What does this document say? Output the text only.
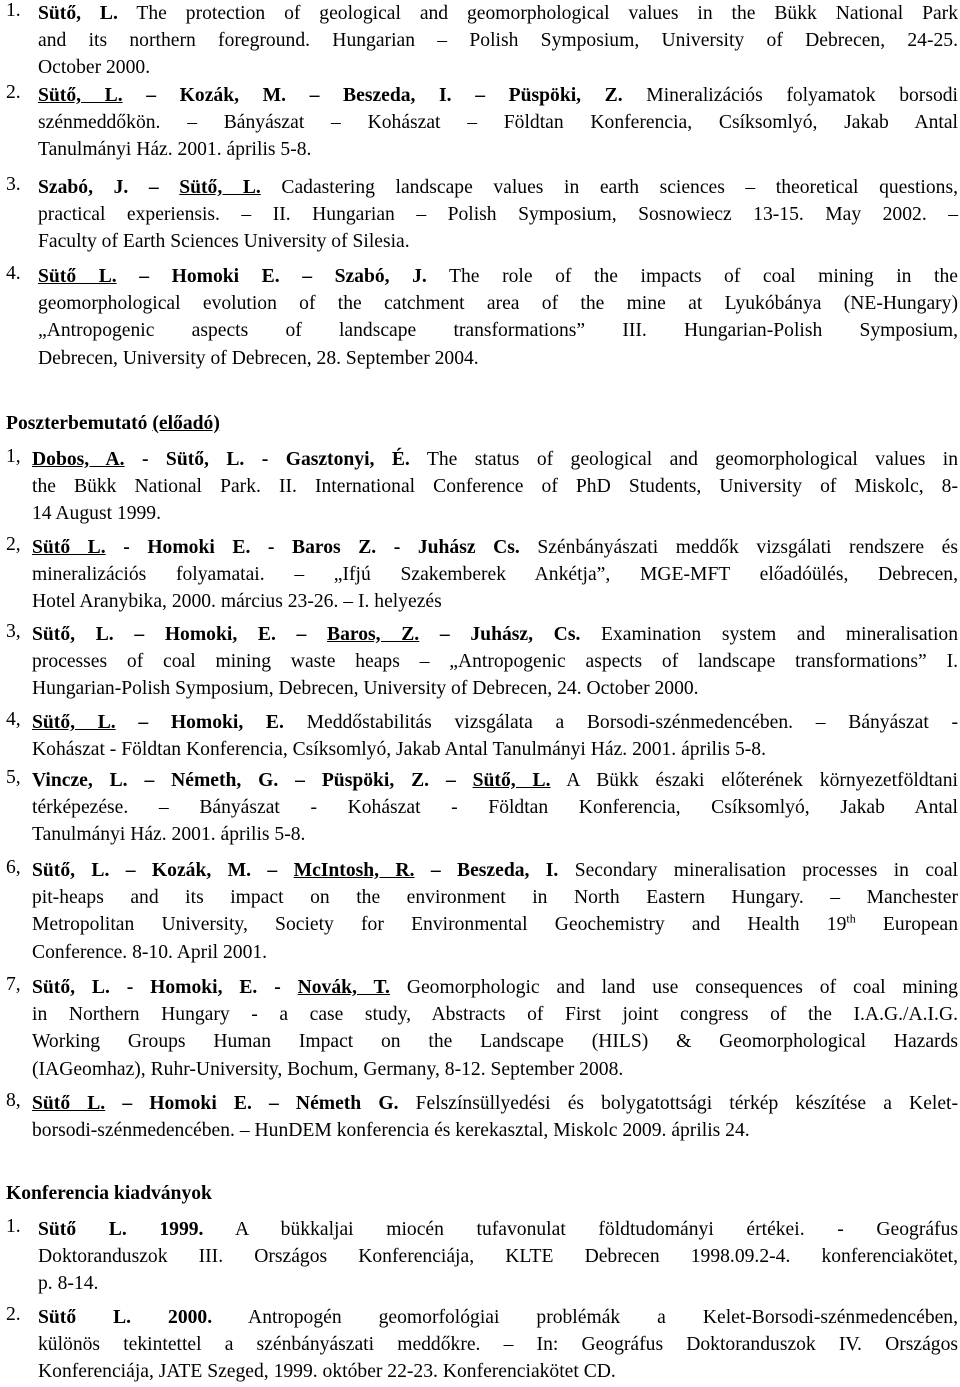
1. Sütő, L. The protection of geological and geomorphological values in the Bükk National Park
and its northern foreground. Hungarian – Polish Symposium, University of Debrecen, 24-25.
October 2000.
2. Sütő, L. – Kozák, M. – Beszeda, I. – Püspöki, Z. Mineralizációs folyamatok borsodi
szénmeddőkön. – Bányászat – Kohászat – Földtan Konferencia, Csíksomlyó, Jakab Antal
Tanulmányi Ház. 2001. április 5-8.
3. Szabó, J. – Sütő, L. Cadastering landscape values in earth sciences – theoretical questions,
practical experiensis. – II. Hungarian – Polish Symposium, Sosnowiecz 13-15. May 2002. –
Faculty of Earth Sciences University of Silesia.
4. Sütő L. – Homoki E. – Szabó, J. The role of the impacts of coal mining in the
geomorphological evolution of the catchment area of the mine at Lyukóbánya (NE-Hungary)
„Antropogenic aspects of landscape transformations” III. Hungarian-Polish Symposium,
Debrecen, University of Debrecen, 28. September 2004.
Poszterbemutató (előadó)
1, Dobos, A. - Sütő, L. - Gasztonyi, É. The status of geological and geomorphological values in
the Bükk National Park. II. International Conference of PhD Students, University of Miskolc, 8-
14 August 1999.
2, Sütő L. - Homoki E. - Baros Z. - Juhász Cs. Szénbányászati meddők vizsgálati rendszere és
mineralizációs folyamatai. – „Ifjú Szakemberek Ankétja”, MGE-MFT előadóülés, Debrecen,
Hotel Aranybika, 2000. március 23-26. – I. helyezés
3, Sütő, L. – Homoki, E. – Baros, Z. – Juhász, Cs. Examination system and mineralisation
processes of coal mining waste heaps – „Antropogenic aspects of landscape transformations” I.
Hungarian-Polish Symposium, Debrecen, University of Debrecen, 24. October 2000.
4, Sütő, L. – Homoki, E. Meddőstabilitás vizsgálata a Borsodi-szénmedencében. – Bányászat -
Kohászat - Földtan Konferencia, Csíksomlyó, Jakab Antal Tanulmányi Ház. 2001. április 5-8.
5, Vincze, L. – Németh, G. – Püspöki, Z. – Sütő, L. A Bükk északi előterének környezetföldtani
térképezése. – Bányászat - Kohászat - Földtan Konferencia, Csíksomlyó, Jakab Antal
Tanulmányi Ház. 2001. április 5-8.
6, Sütő, L. – Kozák, M. – McIntosh, R. – Beszeda, I. Secondary mineralisation processes in coal
pit-heaps and its impact on the environment in North Eastern Hungary. – Manchester
Metropolitan University, Society for Environmental Geochemistry and Health 19th European
Conference. 8-10. April 2001.
7, Sütő, L. - Homoki, E. - Novák, T. Geomorphologic and land use consequences of coal mining
in Northern Hungary - a case study, Abstracts of First joint congress of the I.A.G./A.I.G.
Working Groups Human Impact on the Landscape (HILS) & Geomorphological Hazards
(IAGeomhaz), Ruhr-University, Bochum, Germany, 8-12. September 2008.
8, Sütő L. – Homoki E. – Németh G. Felszínsüllyedési és bolygatottsági térkép készítése a Kelet-
borsodi-szénmedencében. – HunDEM konferencia és kerekasztal, Miskolc 2009. április 24.
Konferencia kiadványok
1. Sütő L. 1999. A bükkaljai miocén tufavonulat földtudományi értékei. - Geográfus
Doktoranduszok III. Országos Konferenciája, KLTE Debrecen 1998.09.2-4. konferenciakötet,
p. 8-14.
2. Sütő L. 2000. Antropogén geomorfológiai problémák a Kelet-Borsodi-szénmedencében,
különös tekintettel a szénbányászati meddőkre. – In: Geográfus Doktoranduszok IV. Országos
Konferenciája, JATE Szeged, 1999. október 22-23. Konferenciakötet CD.
